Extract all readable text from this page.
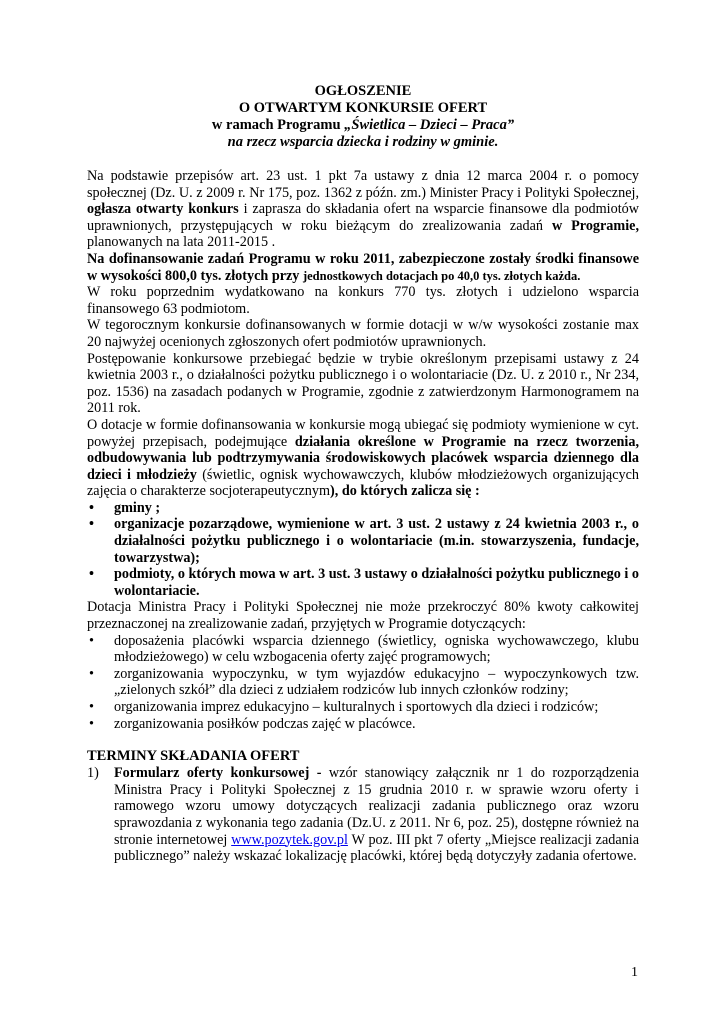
OGŁOSZENIE
O OTWARTYM KONKURSIE OFERT
w ramach Programu „Świetlica – Dzieci – Praca”
na rzecz wsparcia dziecka i rodziny w gminie.

Na podstawie przepisów art. 23 ust. 1 pkt 7a ustawy z dnia 12 marca 2004 r. o pomocy społecznej (Dz. U. z 2009 r. Nr 175, poz. 1362 z późn. zm.) Minister Pracy i Polityki Społecznej, ogłasza otwarty konkurs i zaprasza do składania ofert na wsparcie finansowe dla podmiotów uprawnionych, przystępujących w roku bieżącym do zrealizowania zadań w Programie, planowanych na lata 2011-2015 .

Na dofinansowanie zadań Programu w roku 2011, zabezpieczone zostały środki finansowe w wysokości 800,0 tys. złotych przy jednostkowych dotacjach po 40,0 tys. złotych każda.

W roku poprzednim wydatkowano na konkurs 770 tys. złotych i udzielono wsparcia finansowego 63 podmiotom.

W tegorocznym konkursie dofinansowanych w formie dotacji w w/w wysokości zostanie max 20 najwyżej ocenionych zgłoszonych ofert podmiotów uprawnionych.

Postępowanie konkursowe przebiegać będzie w trybie określonym przepisami ustawy z 24 kwietnia 2003 r., o działalności pożytku publicznego i o wolontariacie (Dz. U. z 2010 r., Nr 234, poz. 1536) na zasadach podanych w Programie, zgodnie z zatwierdzonym Harmonogramem na 2011 rok.

O dotacje w formie dofinansowania w konkursie mogą ubiegać się podmioty wymienione w cyt. powyżej przepisach, podejmujące działania określone w Programie na rzecz tworzenia, odbudowywania lub podtrzymywania środowiskowych placówek wsparcia dziennego dla dzieci i młodzieży (świetlic, ognisk wychowawczych, klubów młodzieżowych organizujących zajęcia o charakterze socjoterapeutycznym), do których zalicza się :

• gminy ;
• organizacje pozarządowe, wymienione w art. 3 ust. 2 ustawy z 24 kwietnia 2003 r., o działalności pożytku publicznego i o wolontariacie (m.in. stowarzyszenia, fundacje, towarzystwa);
• podmioty, o których mowa w art. 3 ust. 3 ustawy o działalności pożytku publicznego i o wolontariacie.

Dotacja Ministra Pracy i Polityki Społecznej nie może przekroczyć 80% kwoty całkowitej przeznaczonej na zrealizowanie zadań, przyjętych w Programie dotyczących:

• doposażenia placówki wsparcia dziennego (świetlicy, ogniska wychowawczego, klubu młodzieżowego) w celu wzbogacenia oferty zajęć programowych;
• zorganizowania wypoczynku, w tym wyjazdów edukacyjno – wypoczynkowych tzw. „zielonych szkół” dla dzieci z udziałem rodziców lub innych członków rodziny;
• organizowania imprez edukacyjno – kulturalnych i sportowych dla dzieci i rodziców;
• zorganizowania posiłków podczas zajęć w placówce.
TERMINY SKŁADANIA OFERT
1) Formularz oferty konkursowej - wzór stanowiący załącznik nr 1 do rozporządzenia Ministra Pracy i Polityki Społecznej z 15 grudnia 2010 r. w sprawie wzoru oferty i ramowego wzoru umowy dotyczących realizacji zadania publicznego oraz wzoru sprawozdania z wykonania tego zadania (Dz.U. z 2011. Nr 6, poz. 25), dostępne również na stronie internetowej www.pozytek.gov.pl W poz. III pkt 7 oferty „Miejsce realizacji zadania publicznego” należy wskazać lokalizację placówki, której będą dotyczyły zadania ofertowe.
1
